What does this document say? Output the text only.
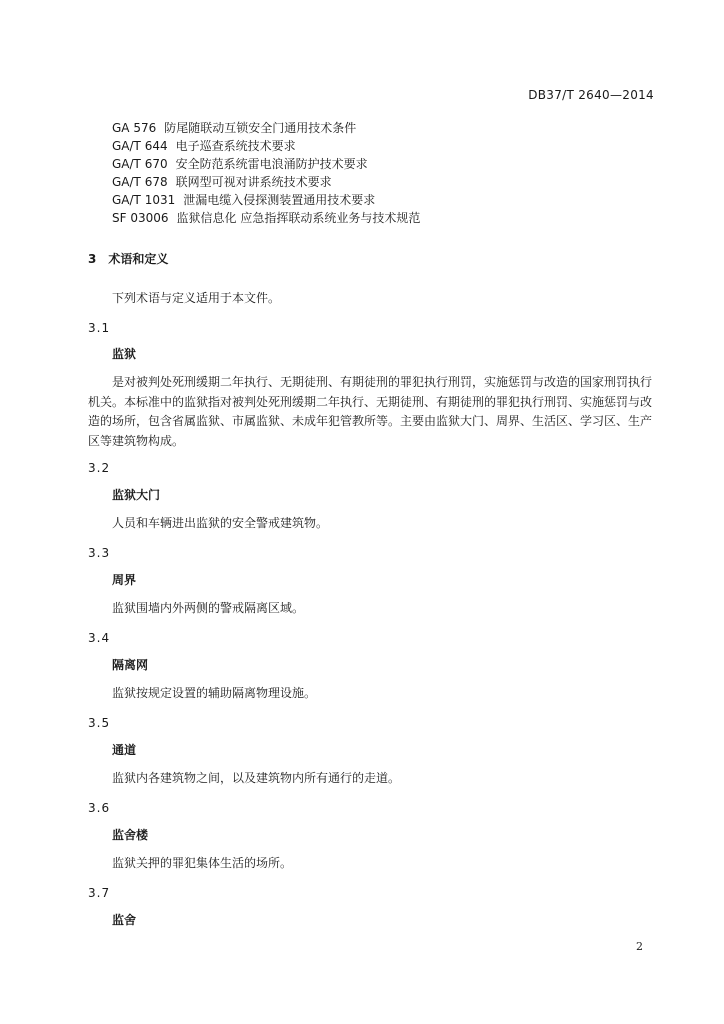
DB37/T 2640—2014
GA 576 防尾随联动互锁安全门通用技术条件
GA/T 644 电子巡查系统技术要求
GA/T 670 安全防范系统雷电浪涌防护技术要求
GA/T 678 联网型可视对讲系统技术要求
GA/T 1031 泄漏电缆入侵探测装置通用技术要求
SF 03006 监狱信息化 应急指挥联动系统业务与技术规范
3 术语和定义
下列术语与定义适用于本文件。
3.1
监狱
是对被判处死刑缓期二年执行、无期徒刑、有期徒刑的罪犯执行刑罚，实施惩罚与改造的国家刑罚执行机关。本标准中的监狱指对被判处死刑缓期二年执行、无期徒刑、有期徒刑的罪犯执行刑罚、实施惩罚与改造的场所，包含省属监狱、市属监狱、未成年犯管教所等。主要由监狱大门、周界、生活区、学习区、生产区等建筑物构成。
3.2
监狱大门
人员和车辆进出监狱的安全警戒建筑物。
3.3
周界
监狱围墙内外两侧的警戒隔离区域。
3.4
隔离网
监狱按规定设置的辅助隔离物理设施。
3.5
通道
监狱内各建筑物之间，以及建筑物内所有通行的走道。
3.6
监舍楼
监狱关押的罪犯集体生活的场所。
3.7
监舍
2
